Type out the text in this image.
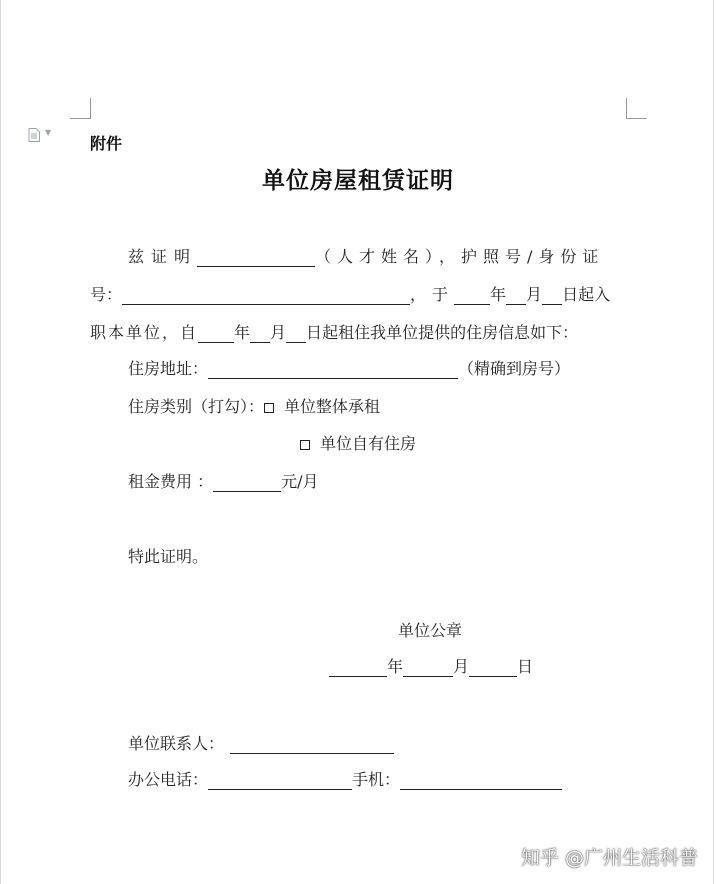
▼
附件
单位房屋租赁证明
兹证明	（人才姓名），护照号/身份证
号：	，于 年 月 日起入
职本单位，自 年 月 日起租住我单位提供的住房信息如下：
住房地址：	（精确到房号）
住房类别（打勾）： 单位整体承租
单位自有住房
租金费用 ：	元/月
特此证明。
单位公章
年	月	日
单位联系人：
办公电话：	手机：
知乎 @广州生活科普
